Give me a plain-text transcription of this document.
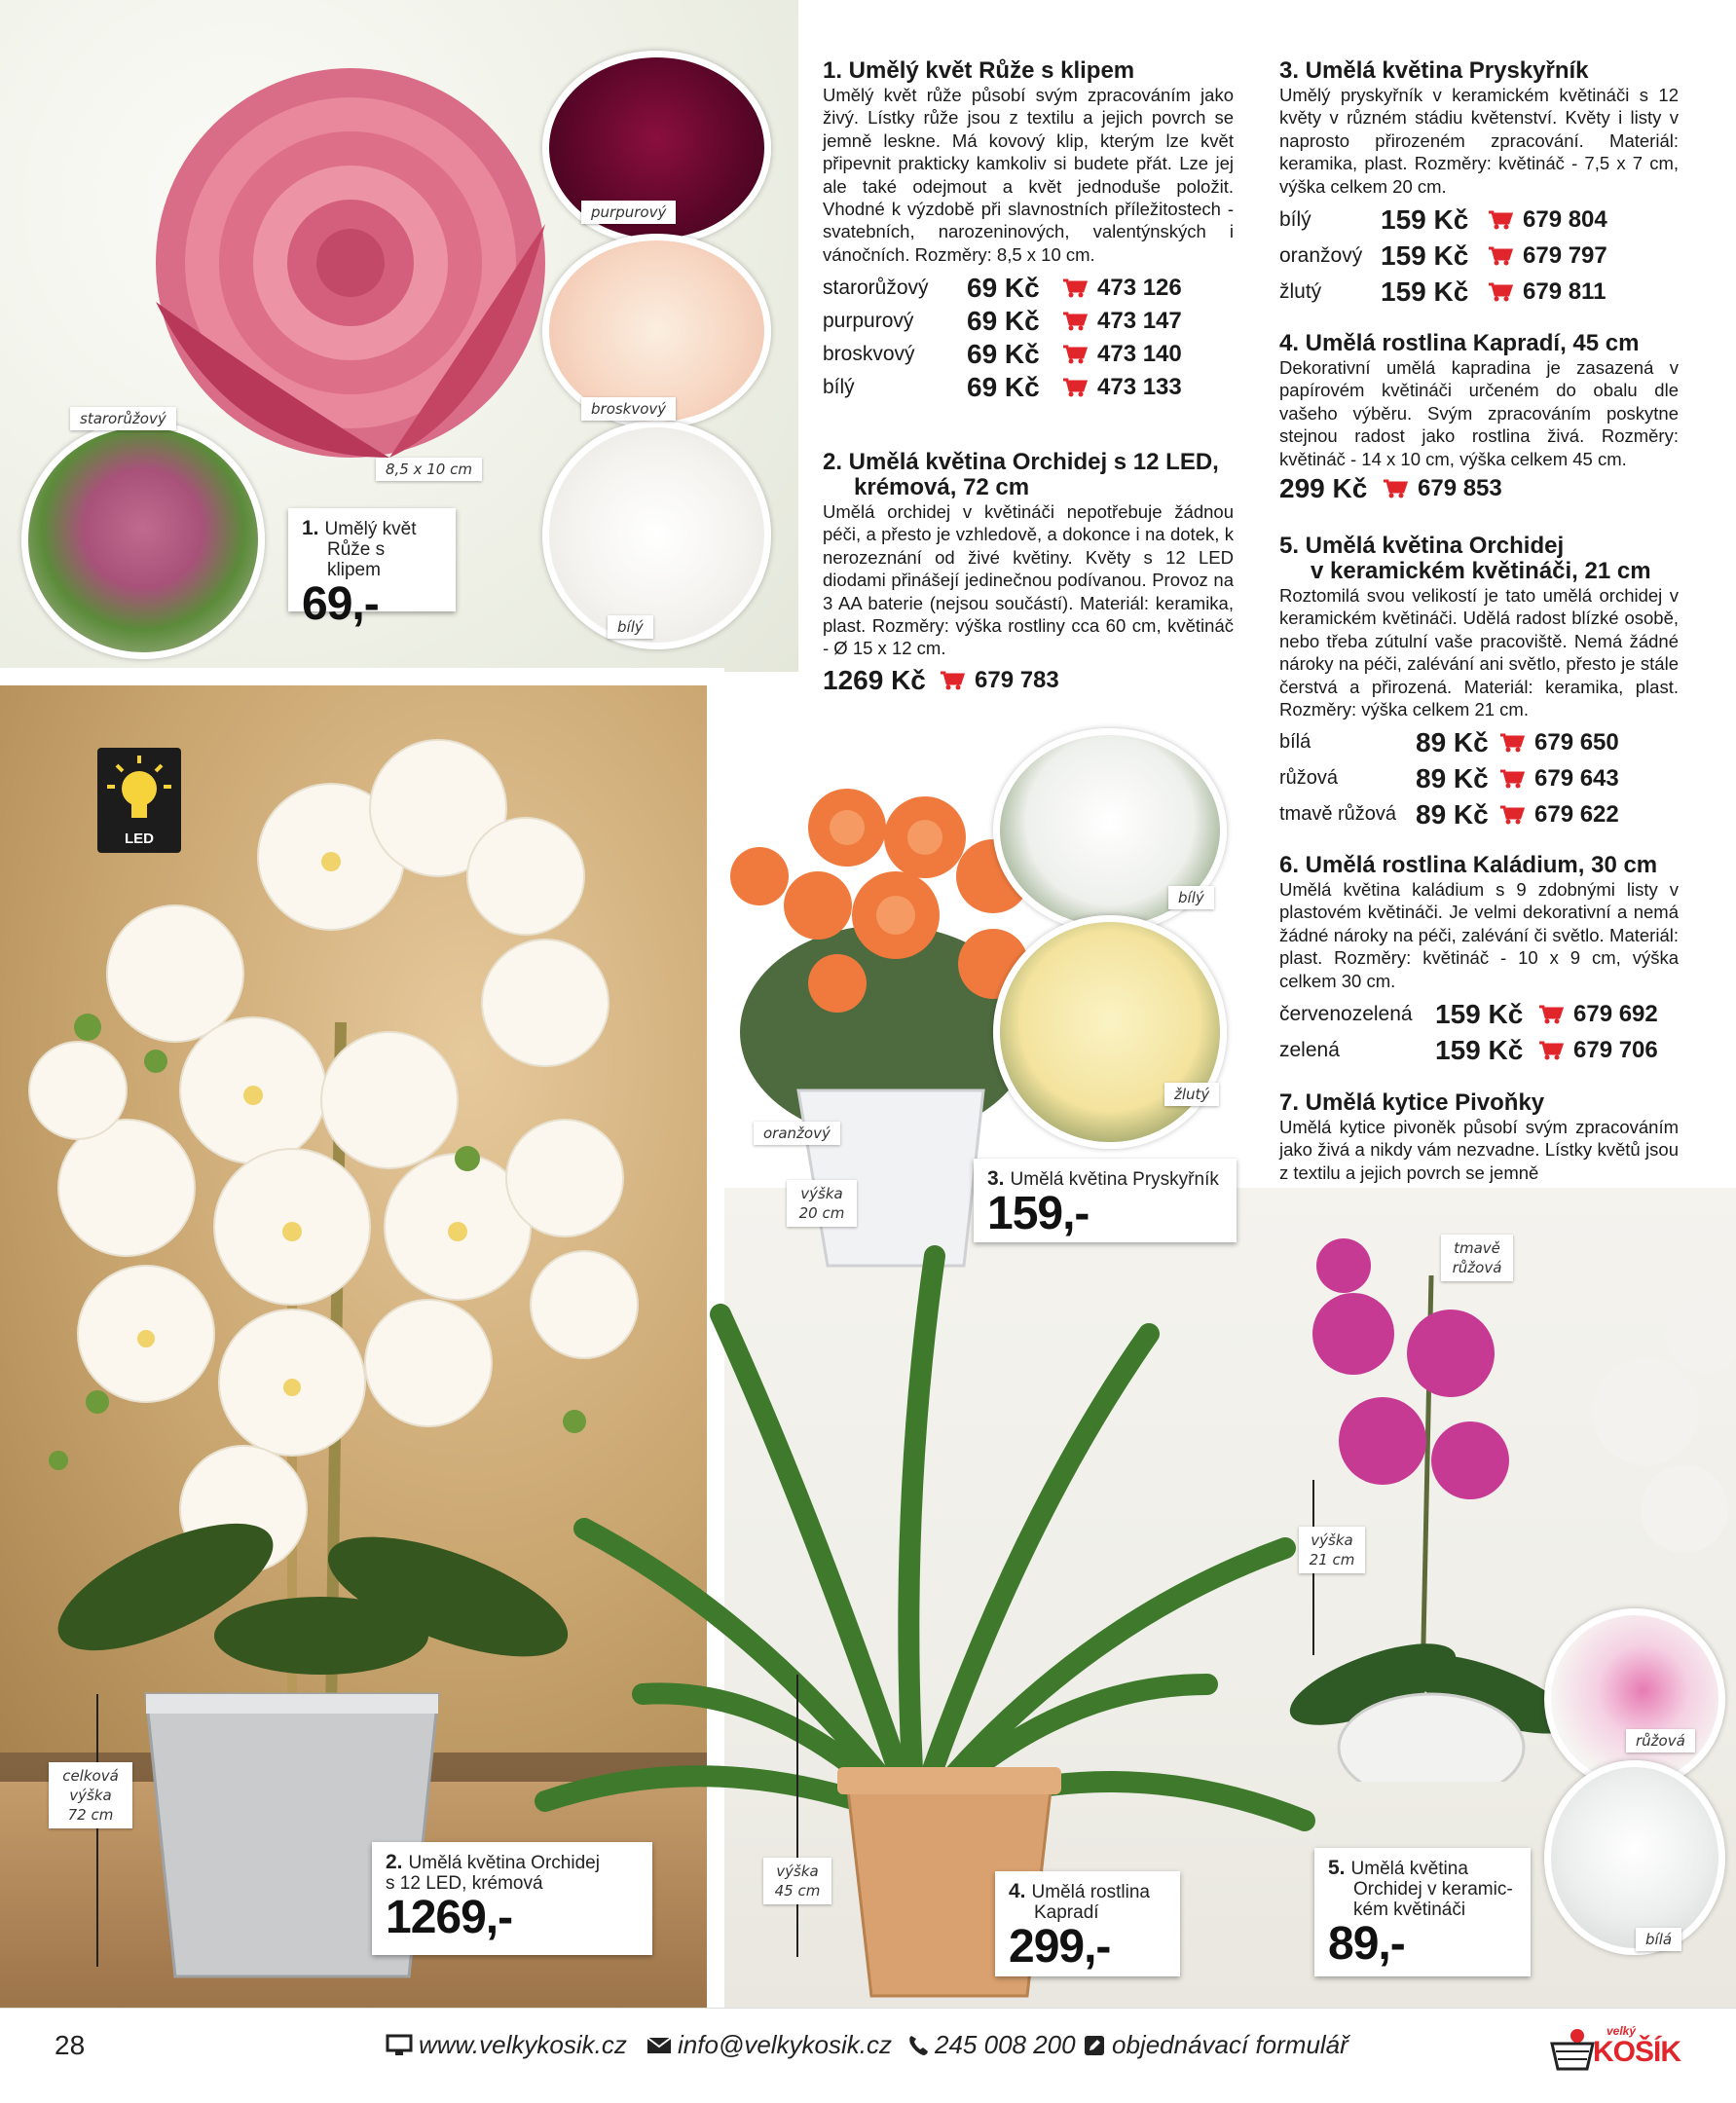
starorůžový
purpurový
broskvový
bílý
8,5 x 10 cm
1. Umělý květ
Růže s klipem
69,-
LED
celková
výška
72 cm
2. Umělá květina Orchidej
s 12 LED, krémová
1269,-
bílý
žlutý
oranžový
výška
20 cm
3. Umělá květina Pryskyřník
159,-
výška
45 cm	4. Umělá rostlina
Kapradí
299,-
tmavě
růžová
výška
21 cm
růžová
bílá
5. Umělá květina
Orchidej v keramic-
kém květináči
89,-
1. Umělý květ Růže s klipem
Umělý květ růže působí svým zpracováním jako živý. Lístky růže jsou z textilu a jejich povrch se jemně leskne. Má kovový klip, kterým lze květ připevnit prakticky kamkoliv si budete přát. Lze jej ale také odejmout a květ jednoduše položit. Vhodné k výzdobě při slavnostních příležitostech - svatebních, narozeninových, valentýnských i vánočních. Rozměry: 8,5 x 10 cm.
starorůžový	69 Kč	473 126
purpurový	69 Kč	473 147
broskvový	69 Kč	473 140
bílý	69 Kč	473 133
2. Umělá květina Orchidej s 12 LED,
krémová, 72 cm
Umělá orchidej v květináči nepotřebuje žádnou péči, a přesto je vzhledově, a dokonce i na dotek, k nerozeznání od živé květiny. Květy s 12 LED diodami přinášejí jedinečnou podívanou. Provoz na 3 AA baterie (nejsou součástí). Materiál: keramika, plast. Rozměry: výška rostliny cca 60 cm, květináč - Ø 15 x 12 cm.
1269 Kč	679 783
3. Umělá květina Pryskyřník
Umělý pryskyřník v keramickém květináči s 12 květy v různém stádiu květenství. Květy i listy v naprosto přirozeném zpracování. Materiál: keramika, plast. Rozměry: květináč - 7,5 x 7 cm, výška celkem 20 cm.
bílý	159 Kč	679 804
oranžový 159 Kč	679 797
žlutý	159 Kč	679 811
4. Umělá rostlina Kapradí, 45 cm
Dekorativní umělá kapradina je zasazená v papírovém květináči určeném do obalu dle vašeho výběru. Svým zpracováním poskytne stejnou radost jako rostlina živá. Rozměry: květináč - 14 x 10 cm, výška celkem 45 cm.
299 Kč	679 853
5. Umělá květina Orchidej
v keramickém květináči, 21 cm
Roztomilá svou velikostí je tato umělá orchidej v keramickém květináči. Udělá radost blízké osobě, nebo třeba zútulní vaše pracoviště. Nemá žádné nároky na péči, zalévání ani světlo, přesto je stále čerstvá a přirozená. Materiál: keramika, plast. Rozměry: výška celkem 21 cm.
bílá	89 Kč	679 650
růžová	89 Kč	679 643
tmavě růžová 89 Kč	679 622
6. Umělá rostlina Kaládium, 30 cm
Umělá květina kaládium s 9 zdobnými listy v plastovém květináči. Je velmi dekorativní a nemá žádné nároky na péči, zalévání či světlo. Materiál: plast. Rozměry: květináč - 10 x 9 cm, výška celkem 30 cm.
červenozelená 159 Kč	679 692
zelená	159 Kč	679 706
7. Umělá kytice Pivoňky
Umělá kytice pivoněk působí svým zpracováním jako živá a nikdy vám nezvadne. Lístky květů jsou z textilu a jejich povrch se jemně
28	www.velkykosik.cz info@velkykosik.cz 245 008 200 objednávací formulář	velký
KOŠÍK
